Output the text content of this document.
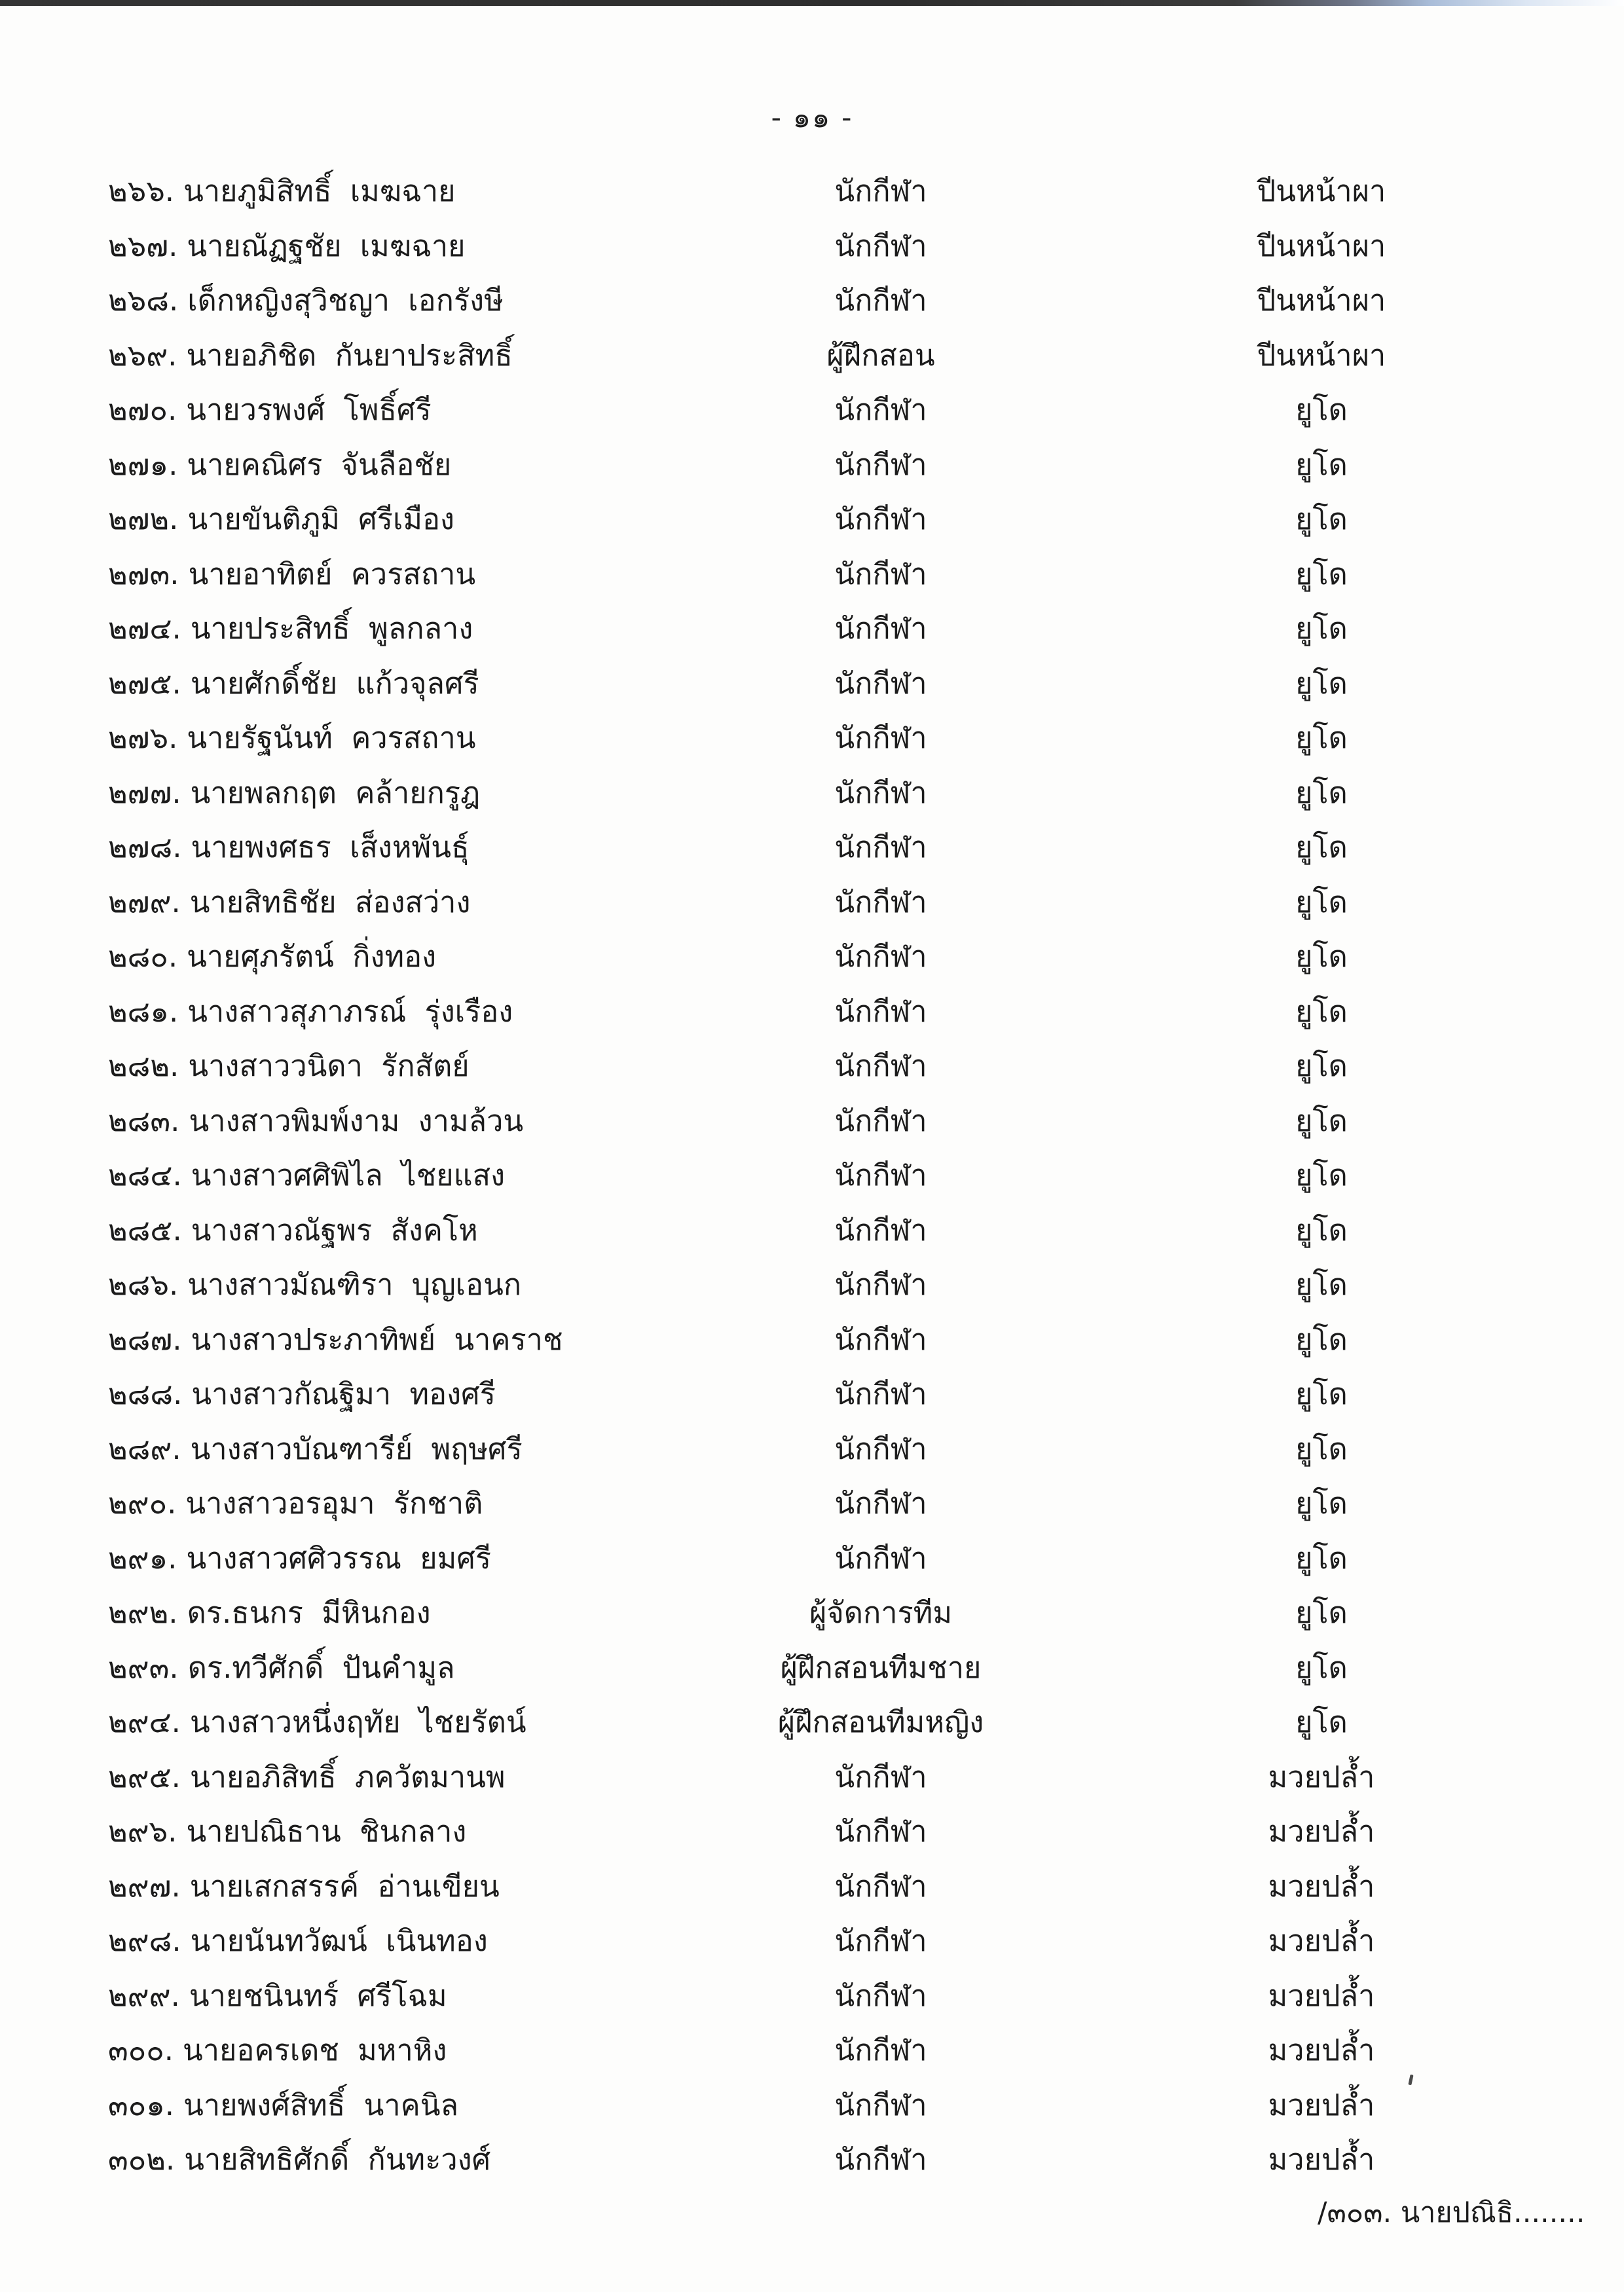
- ๑๑ -
๒๖๖. นายภูมิสิทธิ์ เมฆฉาย	นักกีฬา	ปีนหน้าผา
๒๖๗. นายณัฏฐชัย เมฆฉาย	นักกีฬา	ปีนหน้าผา
๒๖๘. เด็กหญิงสุวิชญา เอกรังษี	นักกีฬา	ปีนหน้าผา
๒๖๙. นายอภิชิด กันยาประสิทธิ์	ผู้ฝึกสอน	ปีนหน้าผา
๒๗๐. นายวรพงศ์ โพธิ์ศรี	นักกีฬา	ยูโด
๒๗๑. นายคณิศร จันลือชัย	นักกีฬา	ยูโด
๒๗๒. นายขันติภูมิ ศรีเมือง	นักกีฬา	ยูโด
๒๗๓. นายอาทิตย์ ควรสถาน	นักกีฬา	ยูโด
๒๗๔. นายประสิทธิ์ พูลกลาง	นักกีฬา	ยูโด
๒๗๕. นายศักดิ์ชัย แก้วจุลศรี	นักกีฬา	ยูโด
๒๗๖. นายรัฐนันท์ ควรสถาน	นักกีฬา	ยูโด
๒๗๗. นายพลกฤต คล้ายกรูฎ	นักกีฬา	ยูโด
๒๗๘. นายพงศธร เส็งหพันธุ์	นักกีฬา	ยูโด
๒๗๙. นายสิทธิชัย ส่องสว่าง	นักกีฬา	ยูโด
๒๘๐. นายศุภรัตน์ กิ่งทอง	นักกีฬา	ยูโด
๒๘๑. นางสาวสุภาภรณ์ รุ่งเรือง	นักกีฬา	ยูโด
๒๘๒. นางสาววนิดา รักสัตย์	นักกีฬา	ยูโด
๒๘๓. นางสาวพิมพ์งาม งามล้วน	นักกีฬา	ยูโด
๒๘๔. นางสาวศศิพิไล ไชยแสง	นักกีฬา	ยูโด
๒๘๕. นางสาวณัฐพร สังคโห	นักกีฬา	ยูโด
๒๘๖. นางสาวมัณฑิรา บุญเอนก	นักกีฬา	ยูโด
๒๘๗. นางสาวประภาทิพย์ นาคราช	นักกีฬา	ยูโด
๒๘๘. นางสาวกัณฐิมา ทองศรี	นักกีฬา	ยูโด
๒๘๙. นางสาวบัณฑารีย์ พฤษศรี	นักกีฬา	ยูโด
๒๙๐. นางสาวอรอุมา รักชาติ	นักกีฬา	ยูโด
๒๙๑. นางสาวศศิวรรณ ยมศรี	นักกีฬา	ยูโด
๒๙๒. ดร.ธนกร มีหินกอง	ผู้จัดการทีม	ยูโด
๒๙๓. ดร.ทวีศักดิ์ ปันคำมูล	ผู้ฝึกสอนทีมชาย	ยูโด
๒๙๔. นางสาวหนึ่งฤทัย ไชยรัตน์	ผู้ฝึกสอนทีมหญิง	ยูโด
๒๙๕. นายอภิสิทธิ์ ภควัตมานพ	นักกีฬา	มวยปล้ำ
๒๙๖. นายปณิธาน ชินกลาง	นักกีฬา	มวยปล้ำ
๒๙๗. นายเสกสรรค์ อ่านเขียน	นักกีฬา	มวยปล้ำ
๒๙๘. นายนันทวัฒน์ เนินทอง	นักกีฬา	มวยปล้ำ
๒๙๙. นายชนินทร์ ศรีโฉม	นักกีฬา	มวยปล้ำ
๓๐๐. นายอครเดช มหาหิง	นักกีฬา	มวยปล้ำ
๓๐๑. นายพงศ์สิทธิ์ นาคนิล	นักกีฬา	มวยปล้ำ
๓๐๒. นายสิทธิศักดิ์ กันทะวงศ์	นักกีฬา	มวยปล้ำ
/๓๐๓. นายปณิธิ........
